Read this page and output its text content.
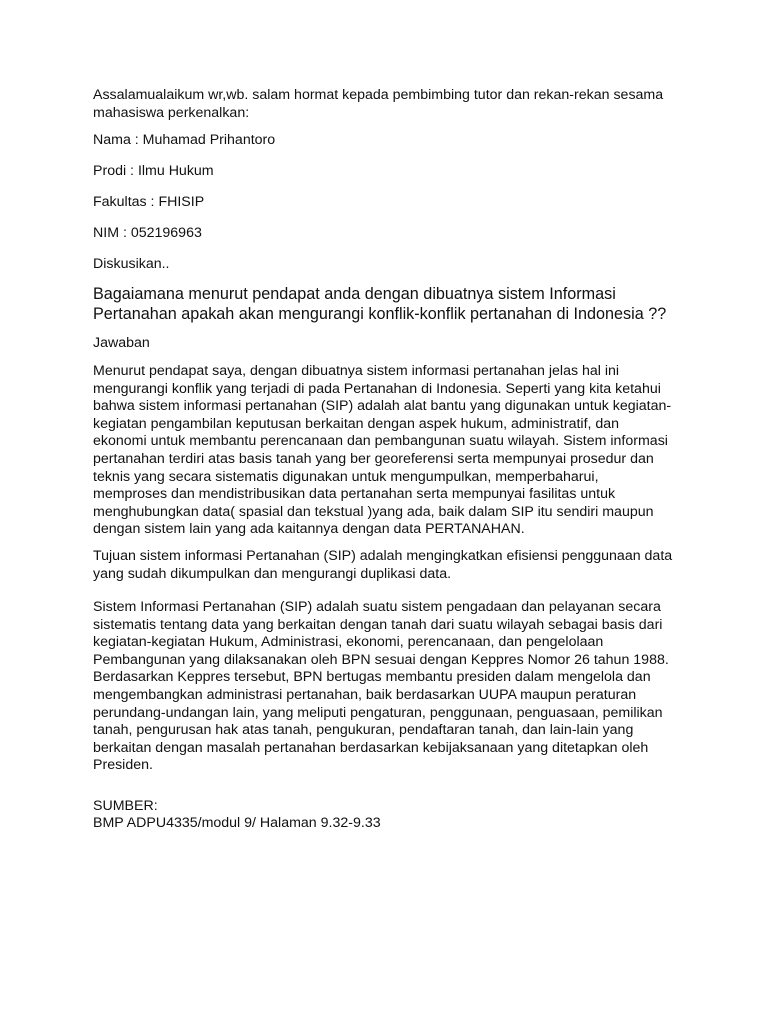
Assalamualaikum wr,wb. salam hormat kepada pembimbing tutor dan rekan-rekan sesama
mahasiswa perkenalkan:
Nama : Muhamad Prihantoro
Prodi : Ilmu Hukum
Fakultas : FHISIP
NIM : 052196963
Diskusikan..
Bagaiamana menurut pendapat anda dengan dibuatnya sistem Informasi
Pertanahan apakah akan mengurangi konflik-konflik pertanahan di Indonesia ??
Jawaban
Menurut pendapat saya, dengan dibuatnya sistem informasi pertanahan jelas hal ini
mengurangi konflik yang terjadi di pada Pertanahan di Indonesia. Seperti yang kita ketahui
bahwa sistem informasi pertanahan (SIP) adalah alat bantu yang digunakan untuk kegiatan-
kegiatan pengambilan keputusan berkaitan dengan aspek hukum, administratif, dan
ekonomi untuk membantu perencanaan dan pembangunan suatu wilayah. Sistem informasi
pertanahan terdiri atas basis tanah yang ber georeferensi serta mempunyai prosedur dan
teknis yang secara sistematis digunakan untuk mengumpulkan, memperbaharui,
memproses dan mendistribusikan data pertanahan serta mempunyai fasilitas untuk
menghubungkan data( spasial dan tekstual )yang ada, baik dalam SIP itu sendiri maupun
dengan sistem lain yang ada kaitannya dengan data PERTANAHAN.
Tujuan sistem informasi Pertanahan (SIP) adalah mengingkatkan efisiensi penggunaan data
yang sudah dikumpulkan dan mengurangi duplikasi data.
Sistem Informasi Pertanahan (SIP) adalah suatu sistem pengadaan dan pelayanan secara
sistematis tentang data yang berkaitan dengan tanah dari suatu wilayah sebagai basis dari
kegiatan-kegiatan Hukum, Administrasi, ekonomi, perencanaan, dan pengelolaan
Pembangunan yang dilaksanakan oleh BPN sesuai dengan Keppres Nomor 26 tahun 1988.
Berdasarkan Keppres tersebut, BPN bertugas membantu presiden dalam mengelola dan
mengembangkan administrasi pertanahan, baik berdasarkan UUPA maupun peraturan
perundang-undangan lain, yang meliputi pengaturan, penggunaan, penguasaan, pemilikan
tanah, pengurusan hak atas tanah, pengukuran, pendaftaran tanah, dan lain-lain yang
berkaitan dengan masalah pertanahan berdasarkan kebijaksanaan yang ditetapkan oleh
Presiden.
SUMBER:
BMP ADPU4335/modul 9/ Halaman 9.32-9.33
